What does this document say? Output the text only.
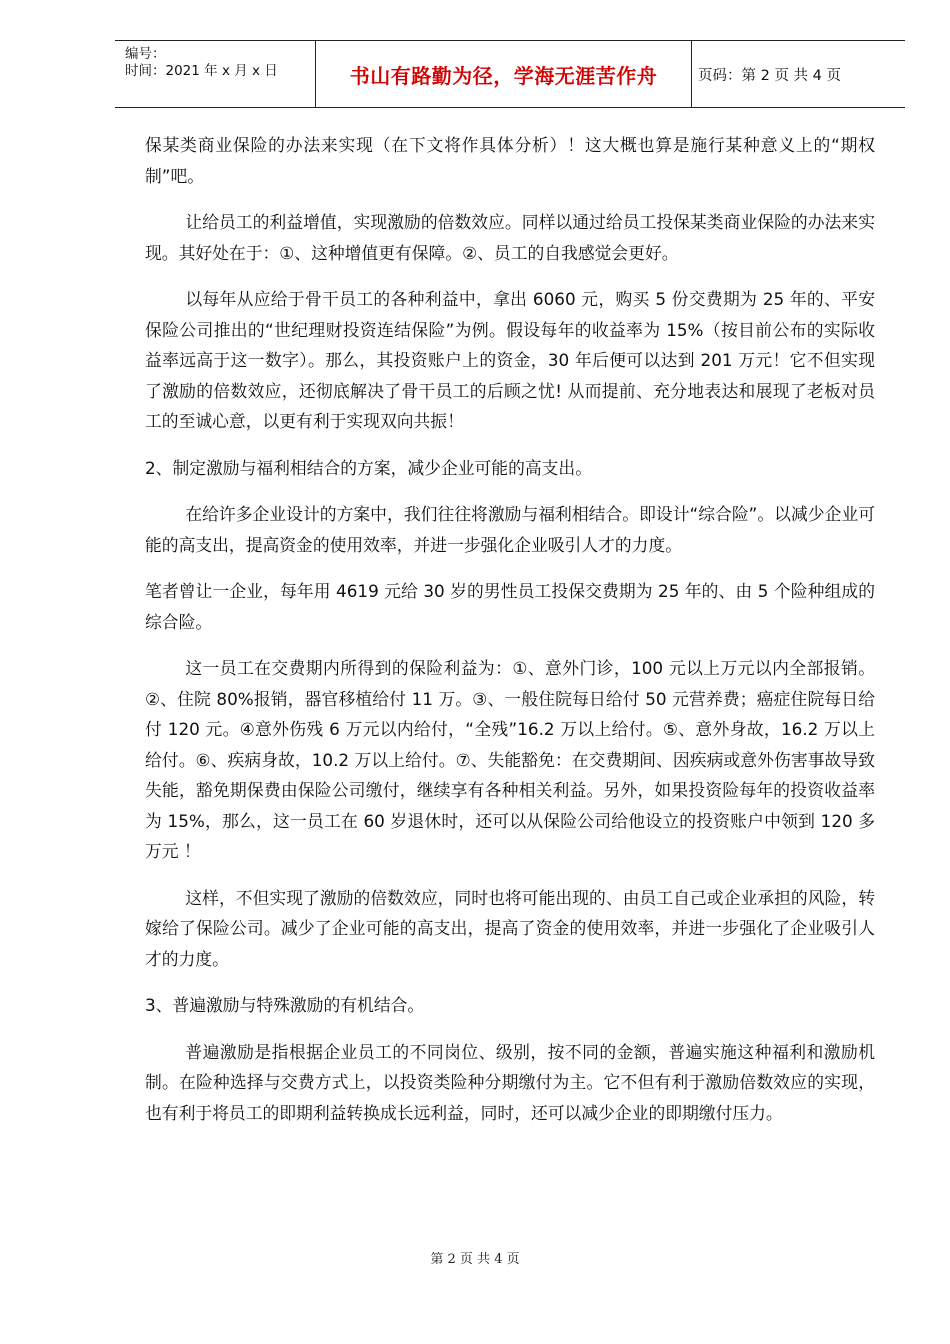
编号：
时间：2021 年 x 月 x 日	书山有路勤为径，学海无涯苦作舟	页码：第 2 页 共 4 页

保某类商业保险的办法来实现（在下文将作具体分析）！这大概也算是施行某种意义上的“期权制”吧。

让给员工的利益增值，实现激励的倍数效应。同样以通过给员工投保某类商业保险的办法来实现。其好处在于：①、这种增值更有保障。②、员工的自我感觉会更好。

以每年从应给于骨干员工的各种利益中，拿出 6060 元，购买 5 份交费期为 25 年的、平安保险公司推出的“世纪理财投资连结保险”为例。假设每年的收益率为 15%（按目前公布的实际收益率远高于这一数字）。那么，其投资账户上的资金，30 年后便可以达到 201 万元！它不但实现了激励的倍数效应，还彻底解决了骨干员工的后顾之忧! 从而提前、充分地表达和展现了老板对员工的至诚心意，以更有利于实现双向共振！

2、制定激励与福利相结合的方案，减少企业可能的高支出。

在给许多企业设计的方案中，我们往往将激励与福利相结合。即设计“综合险”。以减少企业可能的高支出，提高资金的使用效率，并进一步强化企业吸引人才的力度。

笔者曾让一企业，每年用 4619 元给 30 岁的男性员工投保交费期为 25 年的、由 5 个险种组成的综合险。

这一员工在交费期内所得到的保险利益为：①、意外门诊，100 元以上万元以内全部报销。②、住院 80%报销，器官移植给付 11 万。③、一般住院每日给付 50 元营养费；癌症住院每日给付 120 元。④意外伤残 6 万元以内给付，“全残”16.2 万以上给付。⑤、意外身故，16.2 万以上给付。⑥、疾病身故，10.2 万以上给付。⑦、失能豁免：在交费期间、因疾病或意外伤害事故导致失能，豁免期保费由保险公司缴付，继续享有各种相关利益。另外，如果投资险每年的投资收益率为 15%，那么，这一员工在 60 岁退休时，还可以从保险公司给他设立的投资账户中领到 120 多万元 ！

这样，不但实现了激励的倍数效应，同时也将可能出现的、由员工自己或企业承担的风险，转嫁给了保险公司。减少了企业可能的高支出，提高了资金的使用效率，并进一步强化了企业吸引人才的力度。

3、普遍激励与特殊激励的有机结合。

普遍激励是指根据企业员工的不同岗位、级别，按不同的金额，普遍实施这种福利和激励机制。在险种选择与交费方式上，以投资类险种分期缴付为主。它不但有利于激励倍数效应的实现，也有利于将员工的即期利益转换成长远利益，同时，还可以减少企业的即期缴付压力。

第 2 页 共 4 页
